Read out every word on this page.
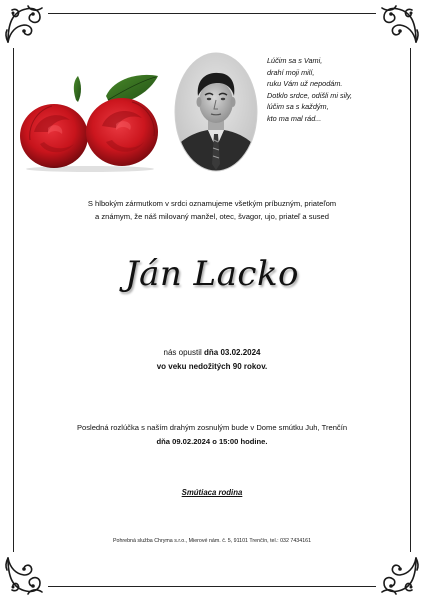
Lúčim sa s Vami,
drahí moji milí,
ruku Vám už nepodám.
Dotklo srdce, odišli mi sily,
lúčim sa s každým,
kto ma mal rád...
S hlbokým zármutkom v srdci oznamujeme všetkým príbuzným, priateľom
a známym, že náš milovaný manžel, otec, švagor, ujo, priateľ a sused
Ján Lacko
nás opustil dňa 03.02.2024
vo veku nedožitých 90 rokov.
Posledná rozlúčka s naším drahým zosnulým bude v Dome smútku Juh, Trenčín
dňa 09.02.2024 o 15:00 hodine.
Smútiaca rodina
Pohrebná služba Chryma s.r.o., Mierové nám. č. 5, 91101 Trenčín, tel.: 032 7434161
